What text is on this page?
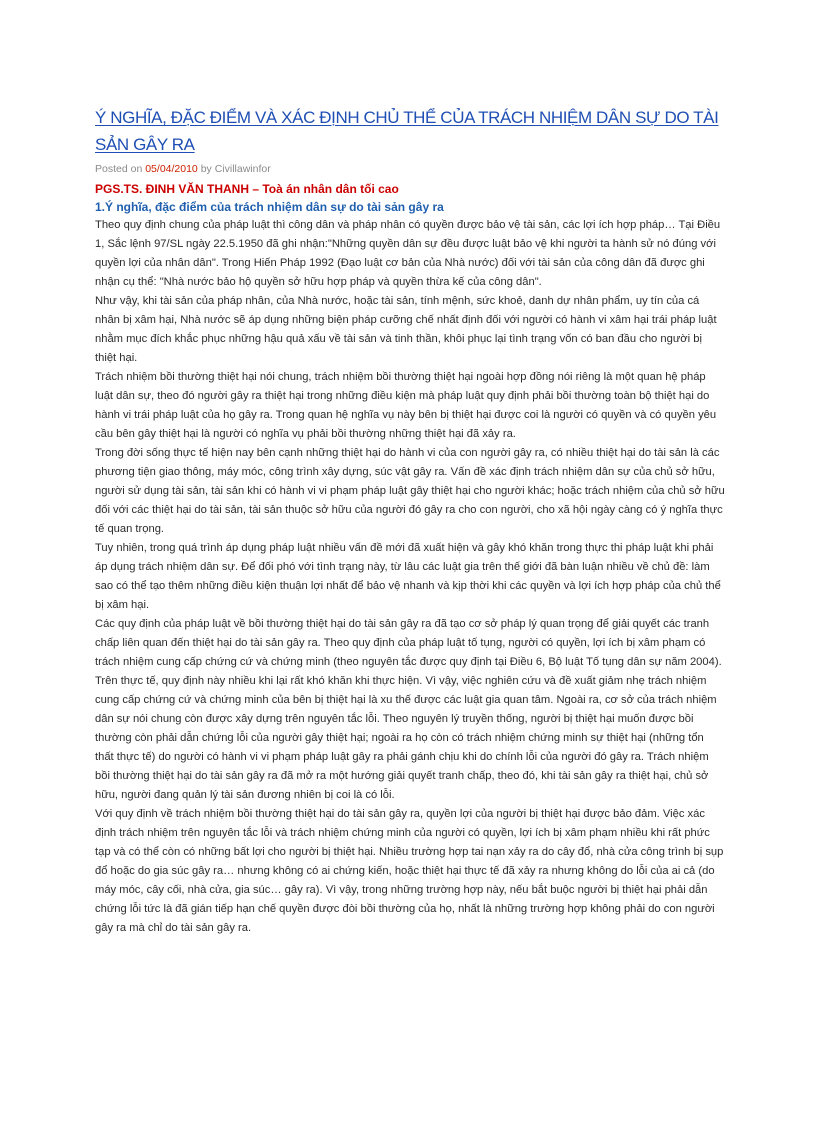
Ý NGHĨA, ĐẶC ĐIỂM VÀ XÁC ĐỊNH CHỦ THỂ CỦA TRÁCH NHIỆM DÂN SỰ DO TÀI SẢN GÂY RA
Posted on 05/04/2010 by Civillawinfor
PGS.TS. ĐINH VĂN THANH – Toà án nhân dân tối cao
1.Ý nghĩa, đặc điểm của trách nhiệm dân sự do tài sản gây ra

Theo quy định chung của pháp luật thì công dân và pháp nhân có quyền được bảo vệ tài sản, các lợi ích hợp pháp… Tại Điều 1, Sắc lệnh 97/SL ngày 22.5.1950 đã ghi nhận:"Những quyền dân sự đều được luật bảo vệ khi người ta hành sử nó đúng với quyền lợi của nhân dân". Trong Hiến Pháp 1992 (Đạo luật cơ bản của Nhà nước) đối với tài sản của công dân đã được ghi nhận cụ thể: "Nhà nước bảo hộ quyền sở hữu hợp pháp và quyền thừa kế của công dân".

Như vậy, khi tài sản của pháp nhân, của Nhà nước, hoặc tài sản, tính mệnh, sức khoẻ, danh dự nhân phẩm, uy tín của cá nhân bị xâm hại, Nhà nước sẽ áp dụng những biện pháp cưỡng chế nhất định đối với người có hành vi xâm hại trái pháp luật nhằm mục đích khắc phục những hậu quả xấu về tài sản và tinh thần, khôi phục lại tình trạng vốn có ban đầu cho người bị thiệt hại.

Trách nhiệm bồi thường thiệt hại nói chung, trách nhiệm bồi thường thiệt hại ngoài hợp đồng nói riêng là một quan hệ pháp luật dân sự, theo đó người gây ra thiệt hại trong những điều kiện mà pháp luật quy định phải bồi thường toàn bộ thiệt hại do hành vi trái pháp luật của họ gây ra. Trong quan hệ nghĩa vụ này bên bị thiệt hại được coi là người có quyền và có quyền yêu cầu bên gây thiệt hại là người có nghĩa vụ phải bồi thường những thiệt hại đã xảy ra.

Trong đời sống thực tế hiện nay bên cạnh những thiệt hại do hành vi của con người gây ra, có nhiều thiệt hại do tài sản là các phương tiện giao thông, máy móc, công trình xây dựng, súc vật gây ra. Vấn đề xác định trách nhiệm dân sự của chủ sở hữu, người sử dụng tài sản, tài sản khi có hành vi vi phạm pháp luật gây thiệt hại cho người khác; hoặc trách nhiệm của chủ sở hữu đối với các thiệt hại do tài sản, tài sản thuộc sở hữu của người đó gây ra cho con người, cho xã hội ngày càng có ý nghĩa thực tế quan trọng.

Tuy nhiên, trong quá trình áp dụng pháp luật nhiều vấn đề mới đã xuất hiện và gây khó khăn trong thực thi pháp luật khi phải áp dụng trách nhiệm dân sự. Để đối phó với tình trạng này, từ lâu các luật gia trên thế giới đã bàn luận nhiều về chủ đề: làm sao có thể tạo thêm những điều kiện thuận lợi nhất để bảo vệ nhanh và kịp thời khi các quyền và lợi ích hợp pháp của chủ thể bị xâm hại.

Các quy định của pháp luật về bồi thường thiệt hại do tài sản gây ra đã tạo cơ sở pháp lý quan trọng để giải quyết các tranh chấp liên quan đến thiệt hại do tài sản gây ra. Theo quy định của pháp luật tố tụng, người có quyền, lợi ích bị xâm phạm có trách nhiệm cung cấp chứng cứ và chứng minh (theo nguyên tắc được quy định tại Điều 6, Bộ luật Tố tụng dân sự năm 2004). Trên thực tế, quy định này nhiều khi lại rất khó khăn khi thực hiện. Vì vậy, việc nghiên cứu và đề xuất giảm nhẹ trách nhiệm cung cấp chứng cứ và chứng minh của bên bị thiệt hại là xu thế được các luật gia quan tâm. Ngoài ra, cơ sở của trách nhiệm dân sự nói chung còn được xây dựng trên nguyên tắc lỗi. Theo nguyên lý truyền thống, người bị thiệt hại muốn được bồi thường còn phải dẫn chứng lỗi của người gây thiệt hại; ngoài ra họ còn có trách nhiệm chứng minh sự thiệt hại (những tổn thất thực tế) do người có hành vi vi phạm pháp luật gây ra phải gánh chịu khi do chính lỗi của người đó gây ra. Trách nhiệm bồi thường thiệt hại do tài sản gây ra đã mở ra một hướng giải quyết tranh chấp, theo đó, khi tài sản gây ra thiệt hại, chủ sở hữu, người đang quản lý tài sản đương nhiên bị coi là có lỗi.

Với quy định về trách nhiệm bồi thường thiệt hại do tài sản gây ra, quyền lợi của người bị thiệt hại được bảo đảm. Việc xác định trách nhiệm trên nguyên tắc lỗi và trách nhiệm chứng minh của người có quyền, lợi ích bị xâm phạm nhiều khi rất phức tạp và có thể còn có những bất lợi cho người bị thiệt hại. Nhiều trường hợp tai nạn xảy ra do cây đổ, nhà cửa công trình bị sụp đổ hoặc do gia súc gây ra… nhưng không có ai chứng kiến, hoặc thiệt hại thực tế đã xảy ra nhưng không do lỗi của ai cả (do máy móc, cây cối, nhà cửa, gia súc… gây ra). Vì vậy, trong những trường hợp này, nếu bắt buộc người bị thiệt hại phải dẫn chứng lỗi tức là đã gián tiếp hạn chế quyền được đòi bồi thường của họ, nhất là những trường hợp không phải do con người gây ra mà chỉ do tài sản gây ra.
